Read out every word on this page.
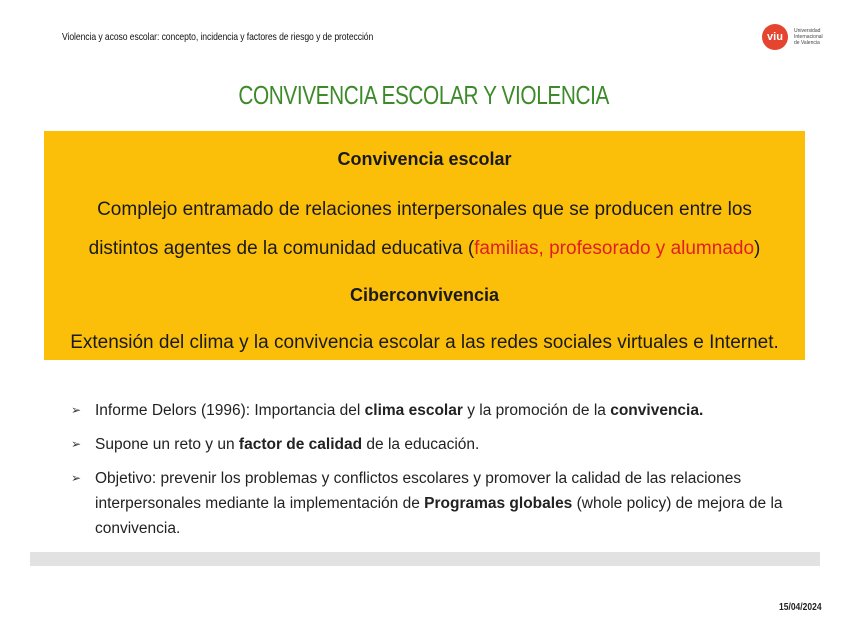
Violencia y acoso escolar: concepto, incidencia y factores de riesgo y de protección	viu	Universidad
Internacional
de Valencia
CONVIVENCIA ESCOLAR Y VIOLENCIA
Convivencia escolar
Complejo entramado de relaciones interpersonales que se producen entre los
distintos agentes de la comunidad educativa (familias, profesorado y alumnado)
Ciberconvivencia
Extensión del clima y la convivencia escolar a las redes sociales virtuales e Internet.
➢ Informe Delors (1996): Importancia del clima escolar y la promoción de la convivencia.
➢ Supone un reto y un factor de calidad de la educación.
➢ Objetivo: prevenir los problemas y conflictos escolares y promover la calidad de las relaciones interpersonales mediante la implementación de Programas globales (whole policy) de mejora de la convivencia.
15/04/2024
